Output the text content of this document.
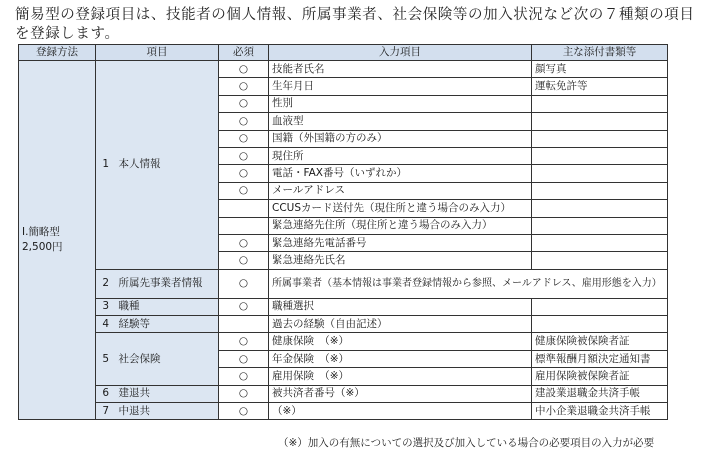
簡易型の登録項目は、技能者の個人情報、所属事業者、社会保険等の加入状況など次の７種類の項目を登録します。
登録方法	項目		必須	入力項目	主な添付書類等

Ⅰ.簡略型
2,500円	1	本人情報	○	技能者氏名	顔写真
			○	生年月日	運転免許等
			○	性別	
			○	血液型	
			○	国籍（外国籍の方のみ）	
			○	現住所	
			○	電話・FAX番号（いずれか）	
			○	メールアドレス	
				CCUSカード送付先（現住所と違う場合のみ入力）	
				緊急連絡先住所（現住所と違う場合のみ入力）	
			○	緊急連絡先電話番号	
			○	緊急連絡先氏名	
	2	所属先事業者情報	○	所属事業者（基本情報は事業者登録情報から参照、メールアドレス、雇用形態を入力）	
	3	職種	○	職種選択	
	4	経験等		過去の経験（自由記述）	
	5	社会保険	○	健康保険　（※）	健康保険被保険者証
			○	年金保険　（※）	標準報酬月額決定通知書
			○	雇用保険　（※）	雇用保険被保険者証
	6	建退共	○	被共済者番号（※）	建設業退職金共済手帳
	7	中退共	○	（※）	中小企業退職金共済手帳
（※）加入の有無についての選択及び加入している場合の必要項目の入力が必要
